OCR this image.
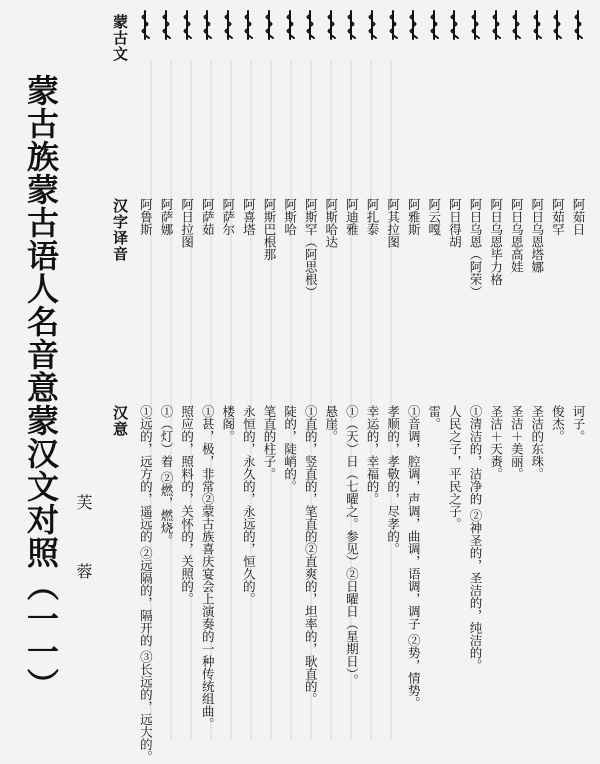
蒙古族蒙古语人名音意蒙汉文对照（一一） 芙 蓉
蒙古文
汉字译音
汉意
阿茹日
诃子。
阿茹罕
俊杰。
阿日乌恩塔娜
圣洁的东珠。
阿日乌恩高娃
圣洁＋美丽。
阿日乌恩毕力格
圣洁＋天赉。
阿日乌恩（阿荣）
①清洁的，洁净的 ②神圣的，圣洁的，纯洁的。
阿日得胡
人民之子，平民之子。
阿云嘎
雷。
阿雅斯
①音调，腔调，声调，曲调，语调，调子 ②势，情势。
阿其拉图
孝顺的，孝敬的，尽孝的。
阿扎泰
幸运的，幸福的。
阿迪雅
①（天）日（七曜之。参见）②日曜日（星期日）。
阿斯哈达
悬崖。
阿斯罕（阿思根）
①直的，竖直的，笔直的②直爽的，坦率的，耿直的。
阿斯哈
陡的，陡峭的。
阿斯巴根那
笔直的柱子。
阿喜塔
永恒的，永久的，永远的，恒久的。
阿萨尔
楼阁。
阿萨茹
①甚，极，非常②蒙古族喜庆宴会上演奏的一种传统组曲。
阿日拉图
照应的，照料的，关怀的，关照的。
阿萨娜
①（灯）着 ②燃，燃烧。
阿鲁斯
①远的，远方的，遥远的 ②远隔的，隔开的 ③长远的，远大的。
